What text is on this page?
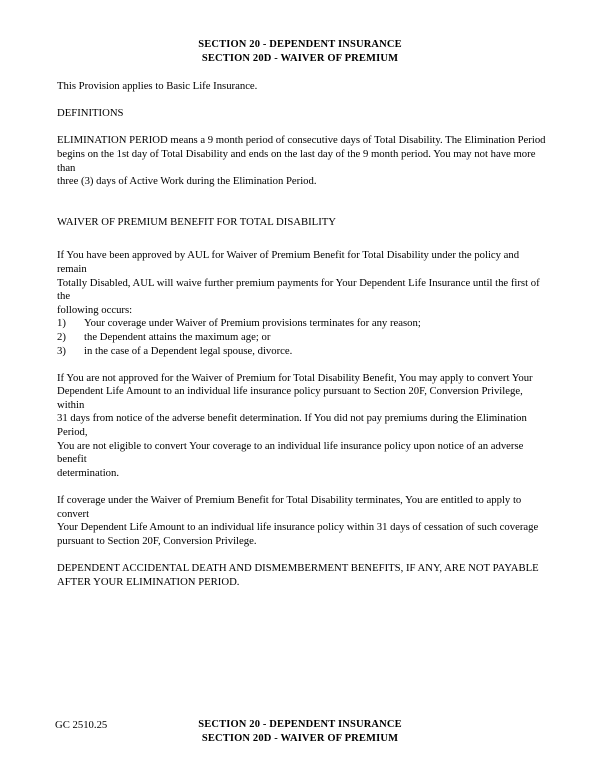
SECTION 20 - DEPENDENT INSURANCE
SECTION 20D - WAIVER OF PREMIUM

This Provision applies to Basic Life Insurance.

DEFINITIONS

ELIMINATION PERIOD means a 9 month period of consecutive days of Total Disability. The Elimination Period
begins on the 1st day of Total Disability and ends on the last day of the 9 month period. You may not have more than
three (3) days of Active Work during the Elimination Period.

WAIVER OF PREMIUM BENEFIT FOR TOTAL DISABILITY

If You have been approved by AUL for Waiver of Premium Benefit for Total Disability under the policy and remain
Totally Disabled, AUL will waive further premium payments for Your Dependent Life Insurance until the first of the
following occurs:

1)	Your coverage under Waiver of Premium provisions terminates for any reason;
2)	the Dependent attains the maximum age; or
3)	in the case of a Dependent legal spouse, divorce.

If You are not approved for the Waiver of Premium for Total Disability Benefit, You may apply to convert Your
Dependent Life Amount to an individual life insurance policy pursuant to Section 20F, Conversion Privilege, within
31 days from notice of the adverse benefit determination. If You did not pay premiums during the Elimination Period,
You are not eligible to convert Your coverage to an individual life insurance policy upon notice of an adverse benefit
determination.

If coverage under the Waiver of Premium Benefit for Total Disability terminates, You are entitled to apply to convert
Your Dependent Life Amount to an individual life insurance policy within 31 days of cessation of such coverage
pursuant to Section 20F, Conversion Privilege.

DEPENDENT ACCIDENTAL DEATH AND DISMEMBERMENT BENEFITS, IF ANY, ARE NOT PAYABLE
AFTER YOUR ELIMINATION PERIOD.

GC 2510.25	SECTION 20 - DEPENDENT INSURANCE
SECTION 20D - WAIVER OF PREMIUM
